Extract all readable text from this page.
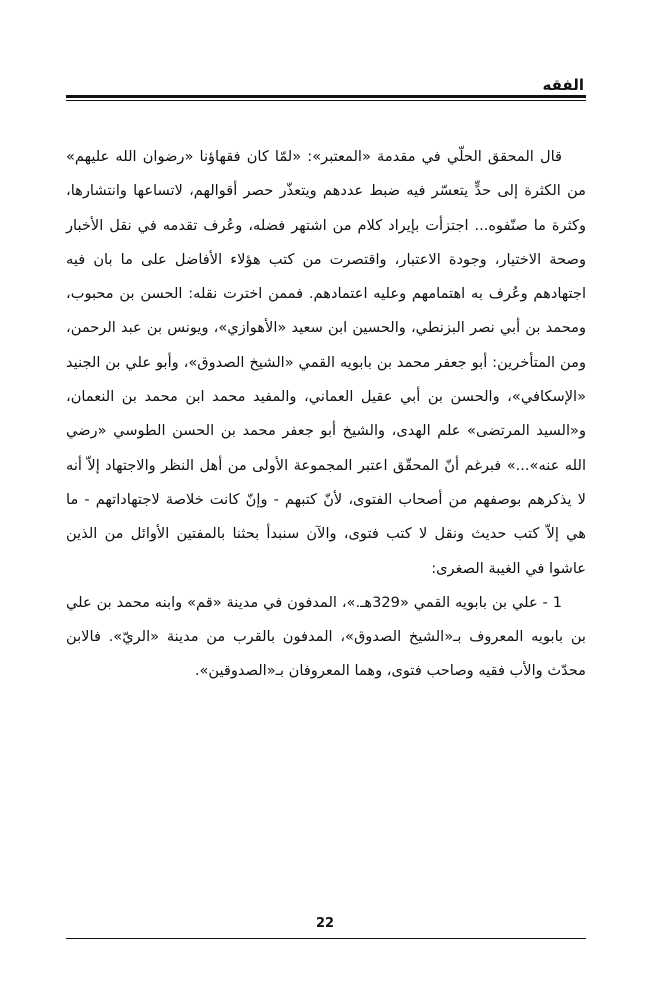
الفقه

قال المحقق الحلّي في مقدمة «المعتبر»: «لمّا كان فقهاؤنا «رضوان الله عليهم» من الكثرة إلى حدٍّ يتعسّر فيه ضبط عددهم ويتعذّر حصر أقوالهم، لاتساعها وانتشارها، وكثرة ما صنّفوه... اجتزأت بإيراد كلام من اشتهر فضله، وعُرف تقدمه في نقل الأخبار وصحة الاختيار، وجودة الاعتبار، واقتصرت من كتب هؤلاء الأفاضل على ما بان فيه اجتهادهم وعُرف به اهتمامهم وعليه اعتمادهم. فممن اخترت نقله: الحسن بن محبوب، ومحمد بن أبي نصر البزنطي، والحسين ابن سعيد «الأهوازي»، ويونس بن عبد الرحمن، ومن المتأخرين: أبو جعفر محمد بن بابويه القمي «الشيخ الصدوق»، وأبو علي بن الجنيد «الإسكافي»، والحسن بن أبي عقيل العماني، والمفيد محمد ابن محمد بن النعمان، و«السيد المرتضى» علم الهدى، والشيخ أبو جعفر محمد بن الحسن الطوسي «رضي الله عنه»...» فبرغم أنّ المحقّق اعتبر المجموعة الأولى من أهل النظر والاجتهاد إلاّ أنه لا يذكرهم بوصفهم من أصحاب الفتوى، لأنّ كتبهم - وإنّ كانت خلاصة لاجتهاداتهم - ما هي إلاّ كتب حديث ونقل لا كتب فتوى، والآن سنبدأ بحثنا بالمفتين الأوائل من الذين عاشوا في الغيبة الصغرى:

1 - علي بن بابويه القمي «329هـ.»، المدفون في مدينة «قم» وابنه محمد بن علي بن بابويه المعروف بـ«الشيخ الصدوق»، المدفون بالقرب من مدينة «الريّ». فالابن محدّث والأب فقيه وصاحب فتوى، وهما المعروفان بـ«الصدوقين».

22
